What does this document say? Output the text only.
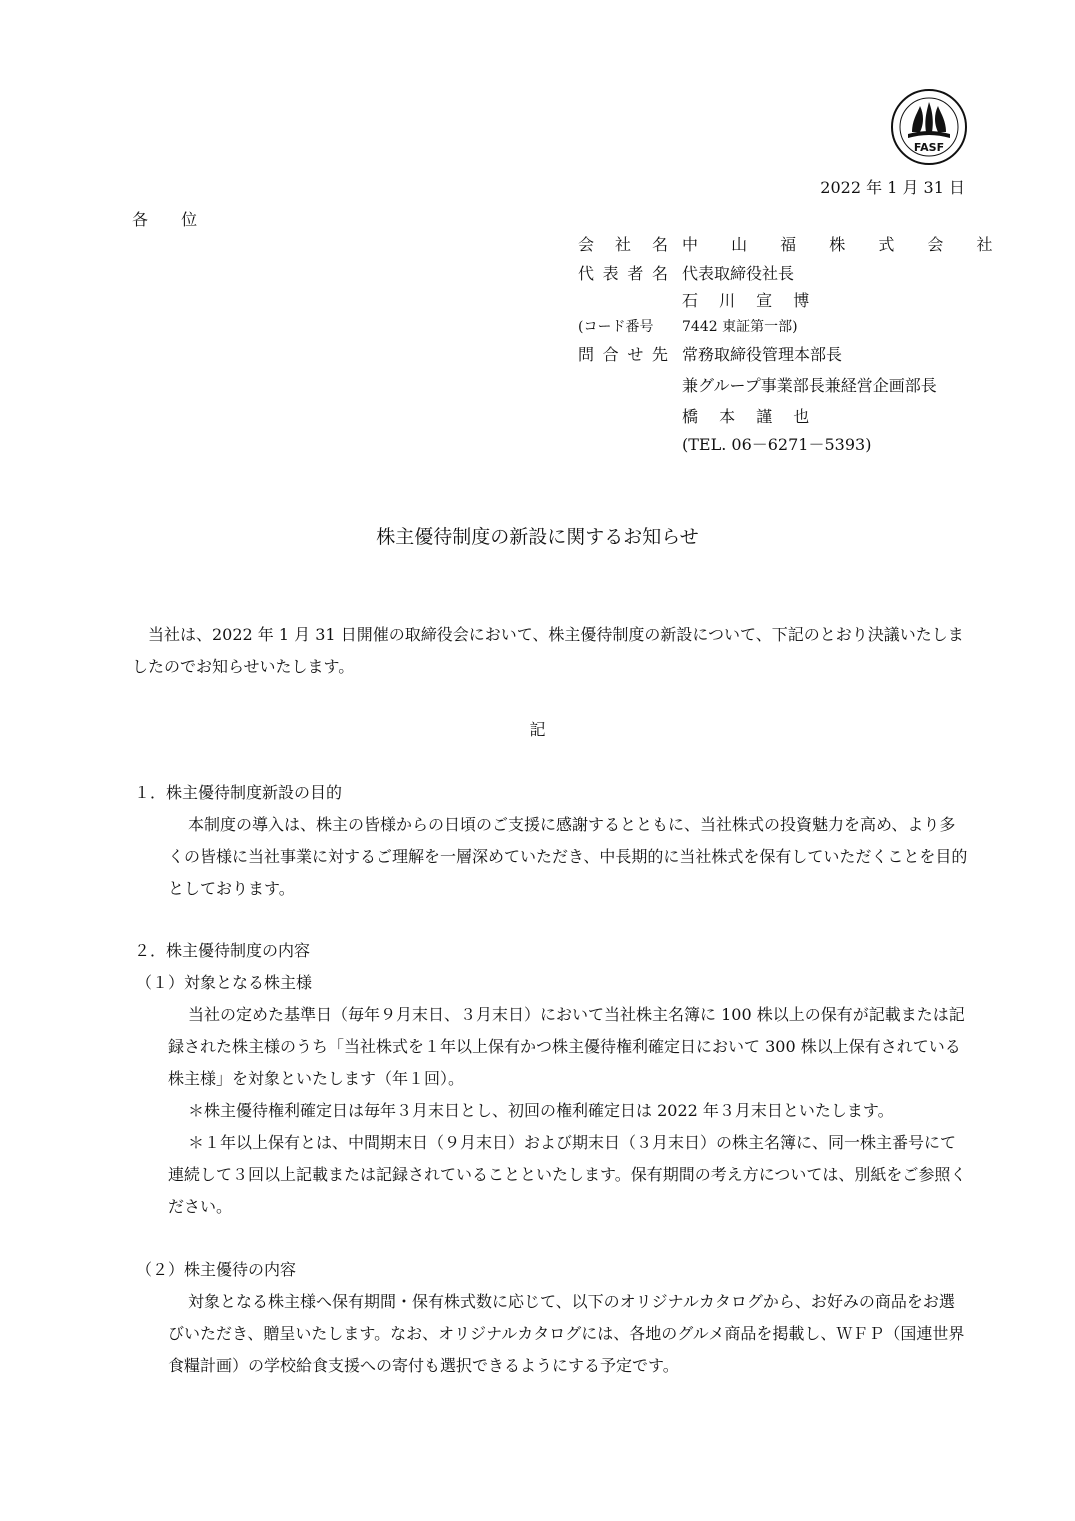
FASF
2022 年 1 月 31 日
各 位
会 社 名 中 山 福 株 式 会 社
代表者名 代表取締役社長
石 川 宣 博
(コード番号	7442 東証第一部)
問 合 せ 先 常務取締役管理本部長
兼グループ事業部長兼経営企画部長
橋 本 謹 也
(TEL. 06－6271－5393)
株主優待制度の新設に関するお知らせ
当社は、2022 年 1 月 31 日開催の取締役会において、株主優待制度の新設について、下記のとおり決議いたしましたのでお知らせいたします。
記
１．株主優待制度新設の目的
本制度の導入は、株主の皆様からの日頃のご支援に感謝するとともに、当社株式の投資魅力を高め、より多くの皆様に当社事業に対するご理解を一層深めていただき、中長期的に当社株式を保有していただくことを目的としております。
２．株主優待制度の内容
（１）対象となる株主様
当社の定めた基準日（毎年９月末日、３月末日）において当社株主名簿に 100 株以上の保有が記載または記録された株主様のうち「当社株式を１年以上保有かつ株主優待権利確定日において 300 株以上保有されている株主様」を対象といたします（年１回）。
＊株主優待権利確定日は毎年３月末日とし、初回の権利確定日は 2022 年３月末日といたします。
＊１年以上保有とは、中間期末日（９月末日）および期末日（３月末日）の株主名簿に、同一株主番号にて連続して３回以上記載または記録されていることといたします。保有期間の考え方については、別紙をご参照ください。
（２）株主優待の内容
対象となる株主様へ保有期間・保有株式数に応じて、以下のオリジナルカタログから、お好みの商品をお選びいただき、贈呈いたします。なお、オリジナルカタログには、各地のグルメ商品を掲載し、ＷＦＰ（国連世界食糧計画）の学校給食支援への寄付も選択できるようにする予定です。
